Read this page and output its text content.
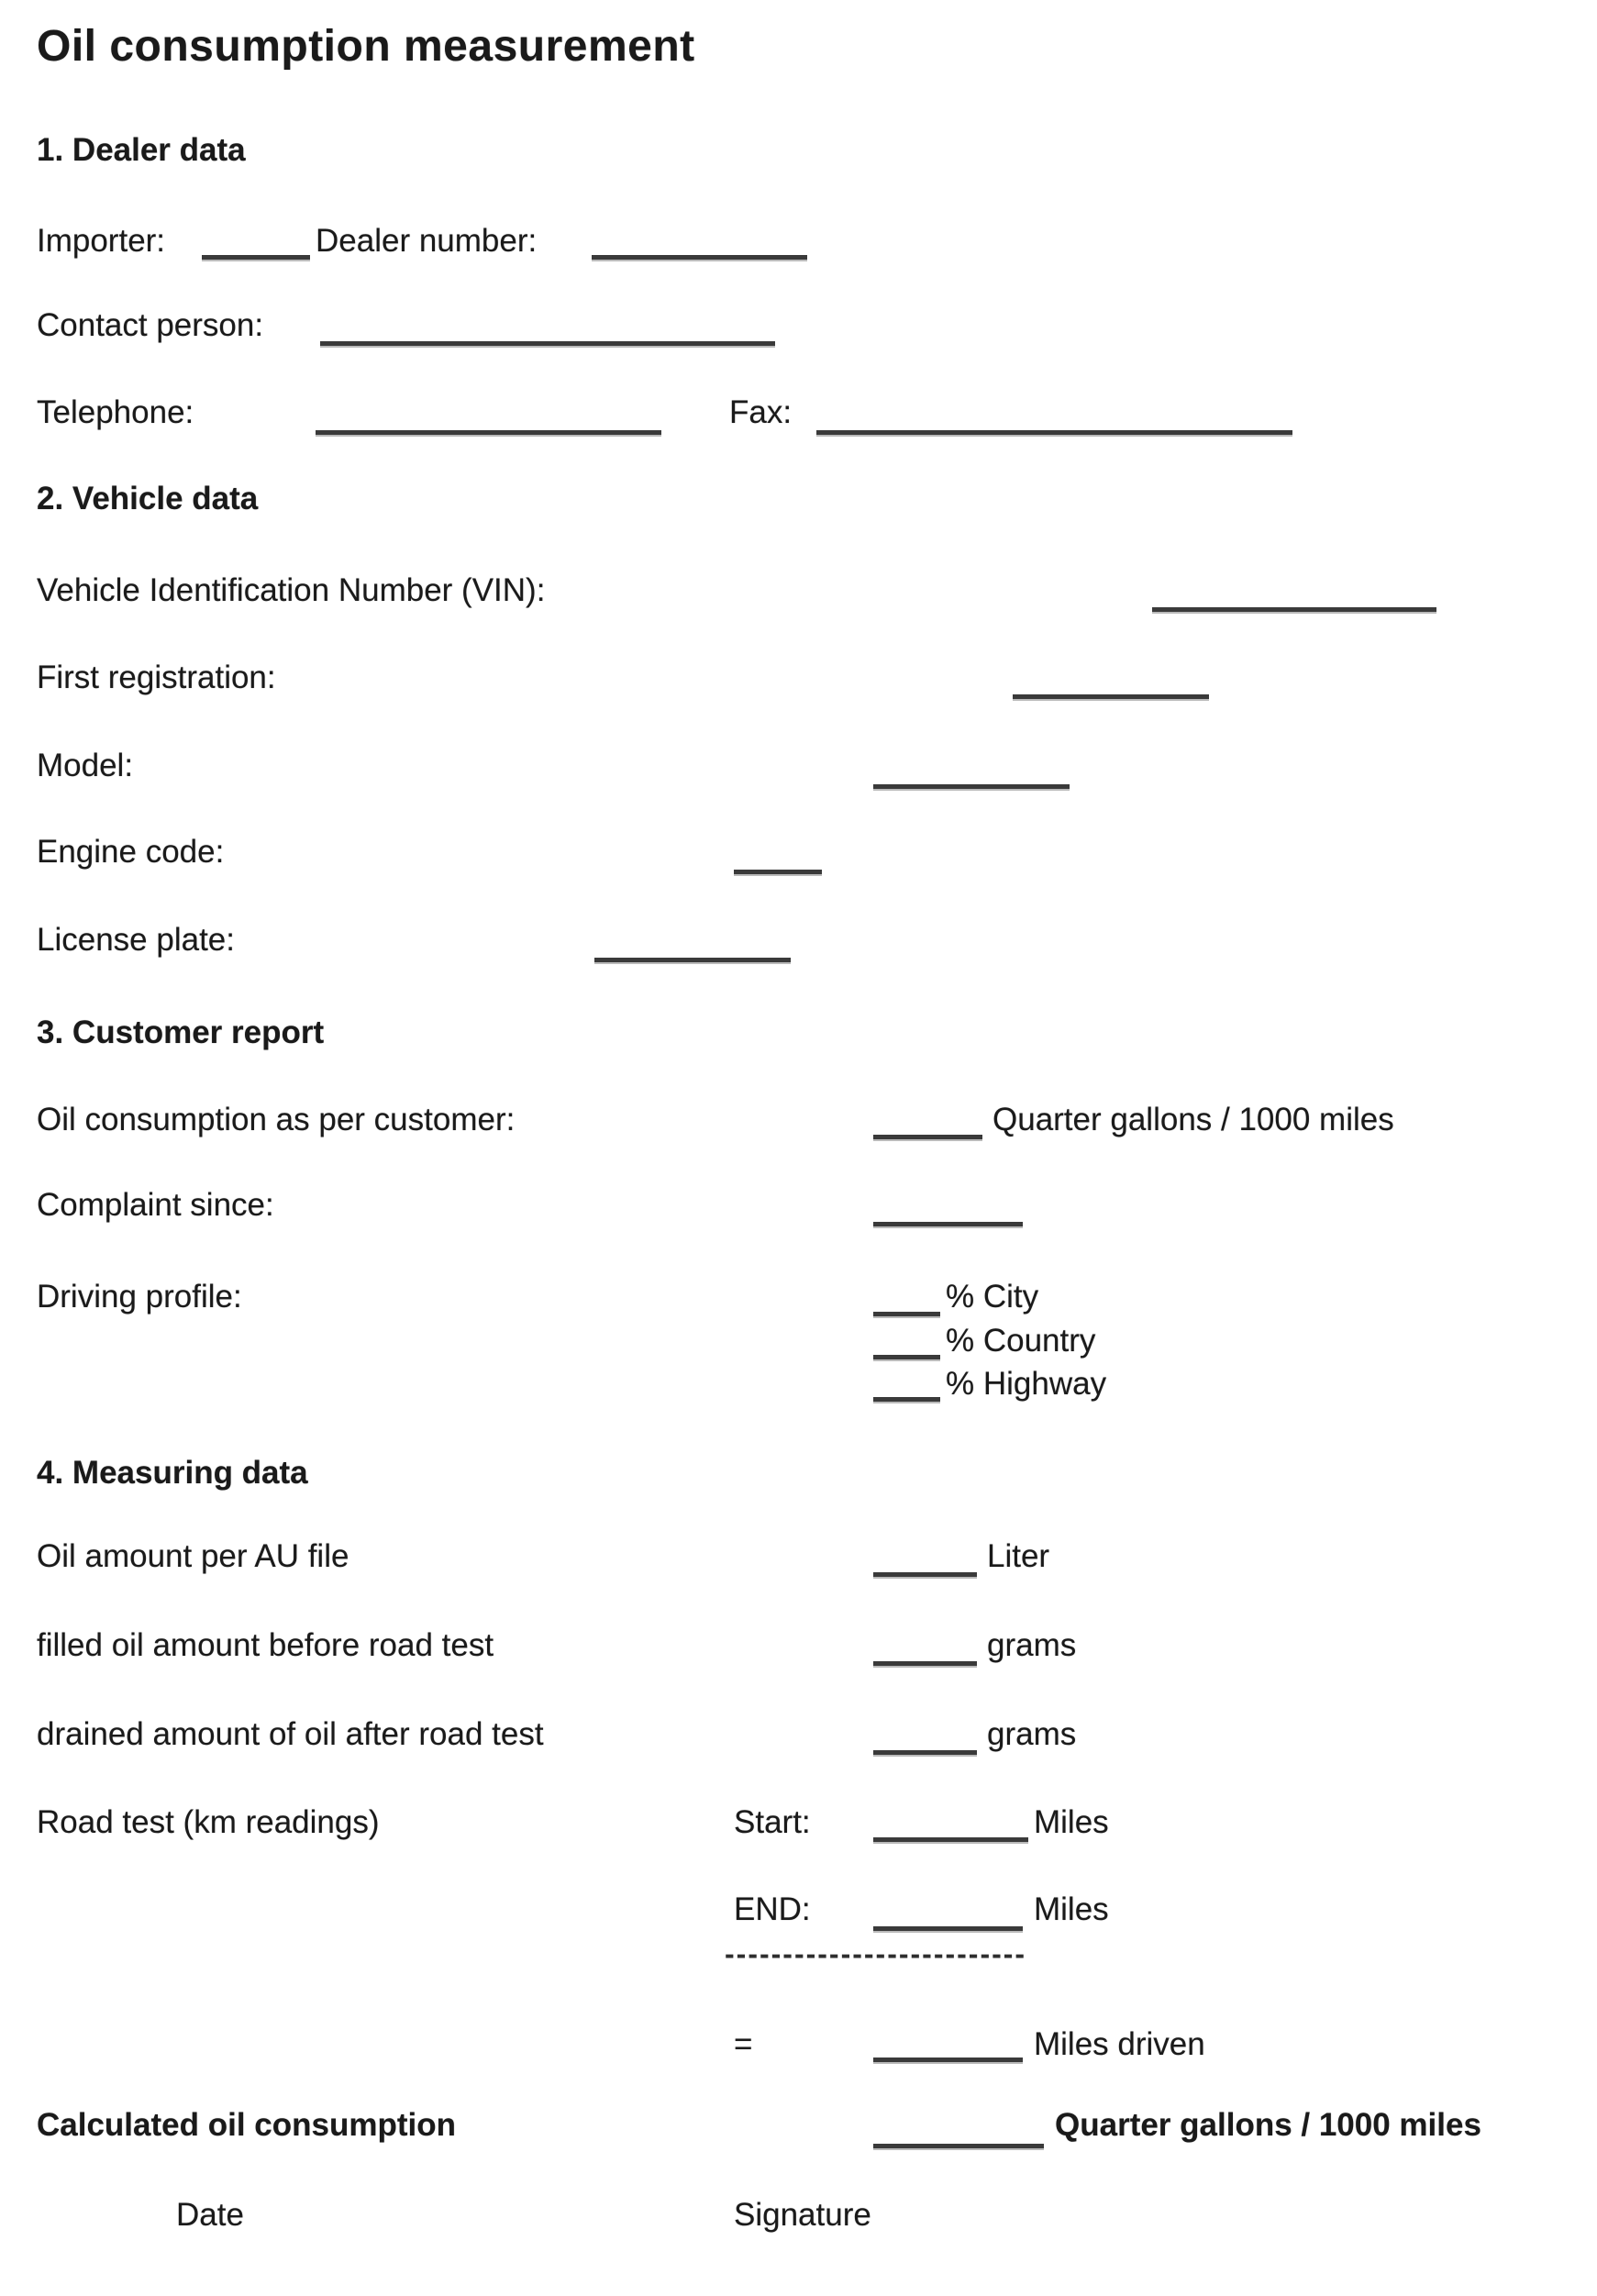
Oil consumption measurement
1. Dealer data
Importer:	Dealer number:
Contact person:
Telephone:	Fax:
2. Vehicle data
Vehicle Identification Number (VIN):
First registration:
Model:
Engine code:
License plate:
3. Customer report
Oil consumption as per customer:	Quarter gallons / 1000 miles
Complaint since:
Driving profile:	% City
% Country
% Highway
4. Measuring data
Oil amount per AU file	Liter
filled oil amount before road test	grams
drained amount of oil after road test	grams
Road test (km readings)	Start:	Miles
END:	Miles
--------------------------
=	Miles driven
Calculated oil consumption	Quarter gallons / 1000 miles
Date	Signature
